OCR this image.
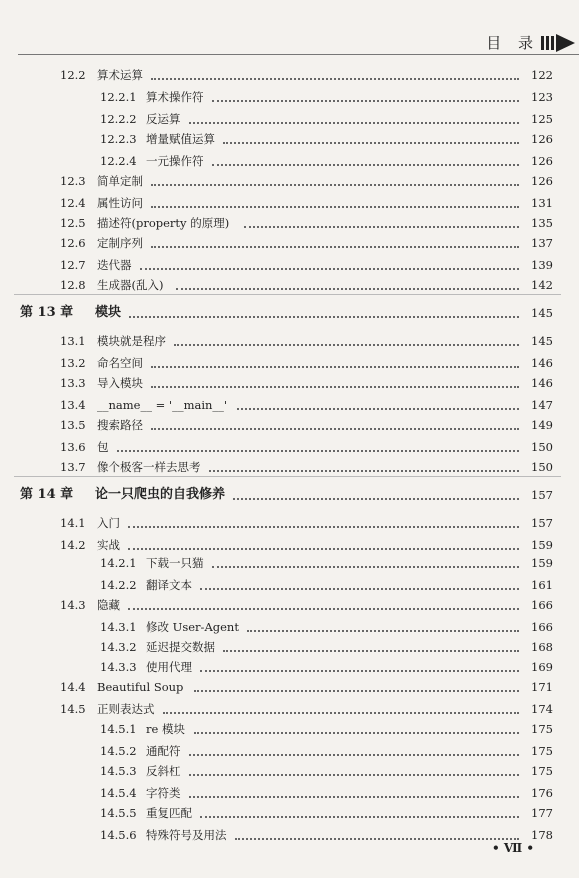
目 录
12.2 算术运算	122
12.2.1 算术操作符	123
12.2.2 反运算	125
12.2.3 增量赋值运算	126
12.2.4 一元操作符	126
12.3 简单定制	126
12.4 属性访问	131
12.5 描述符(property 的原理)	135
12.6 定制序列	137
12.7 迭代器	139
12.8 生成器(乱入)	142
第 13 章 模块	145
13.1 模块就是程序	145
13.2 命名空间	146
13.3 导入模块	146
13.4 __name__ = '__main__'	147
13.5 搜索路径	149
13.6 包	150
13.7 像个极客一样去思考	150
第 14 章 论一只爬虫的自我修养	157
14.1 入门	157
14.2 实战	159
14.2.1 下载一只猫	159
14.2.2 翻译文本	161
14.3 隐藏	166
14.3.1 修改 User-Agent	166
14.3.2 延迟提交数据	168
14.3.3 使用代理	169
14.4 Beautiful Soup	171
14.5 正则表达式	174
14.5.1 re 模块	175
14.5.2 通配符	175
14.5.3 反斜杠	175
14.5.4 字符类	176
14.5.5 重复匹配	177
14.5.6 特殊符号及用法	178
• Ⅶ •
